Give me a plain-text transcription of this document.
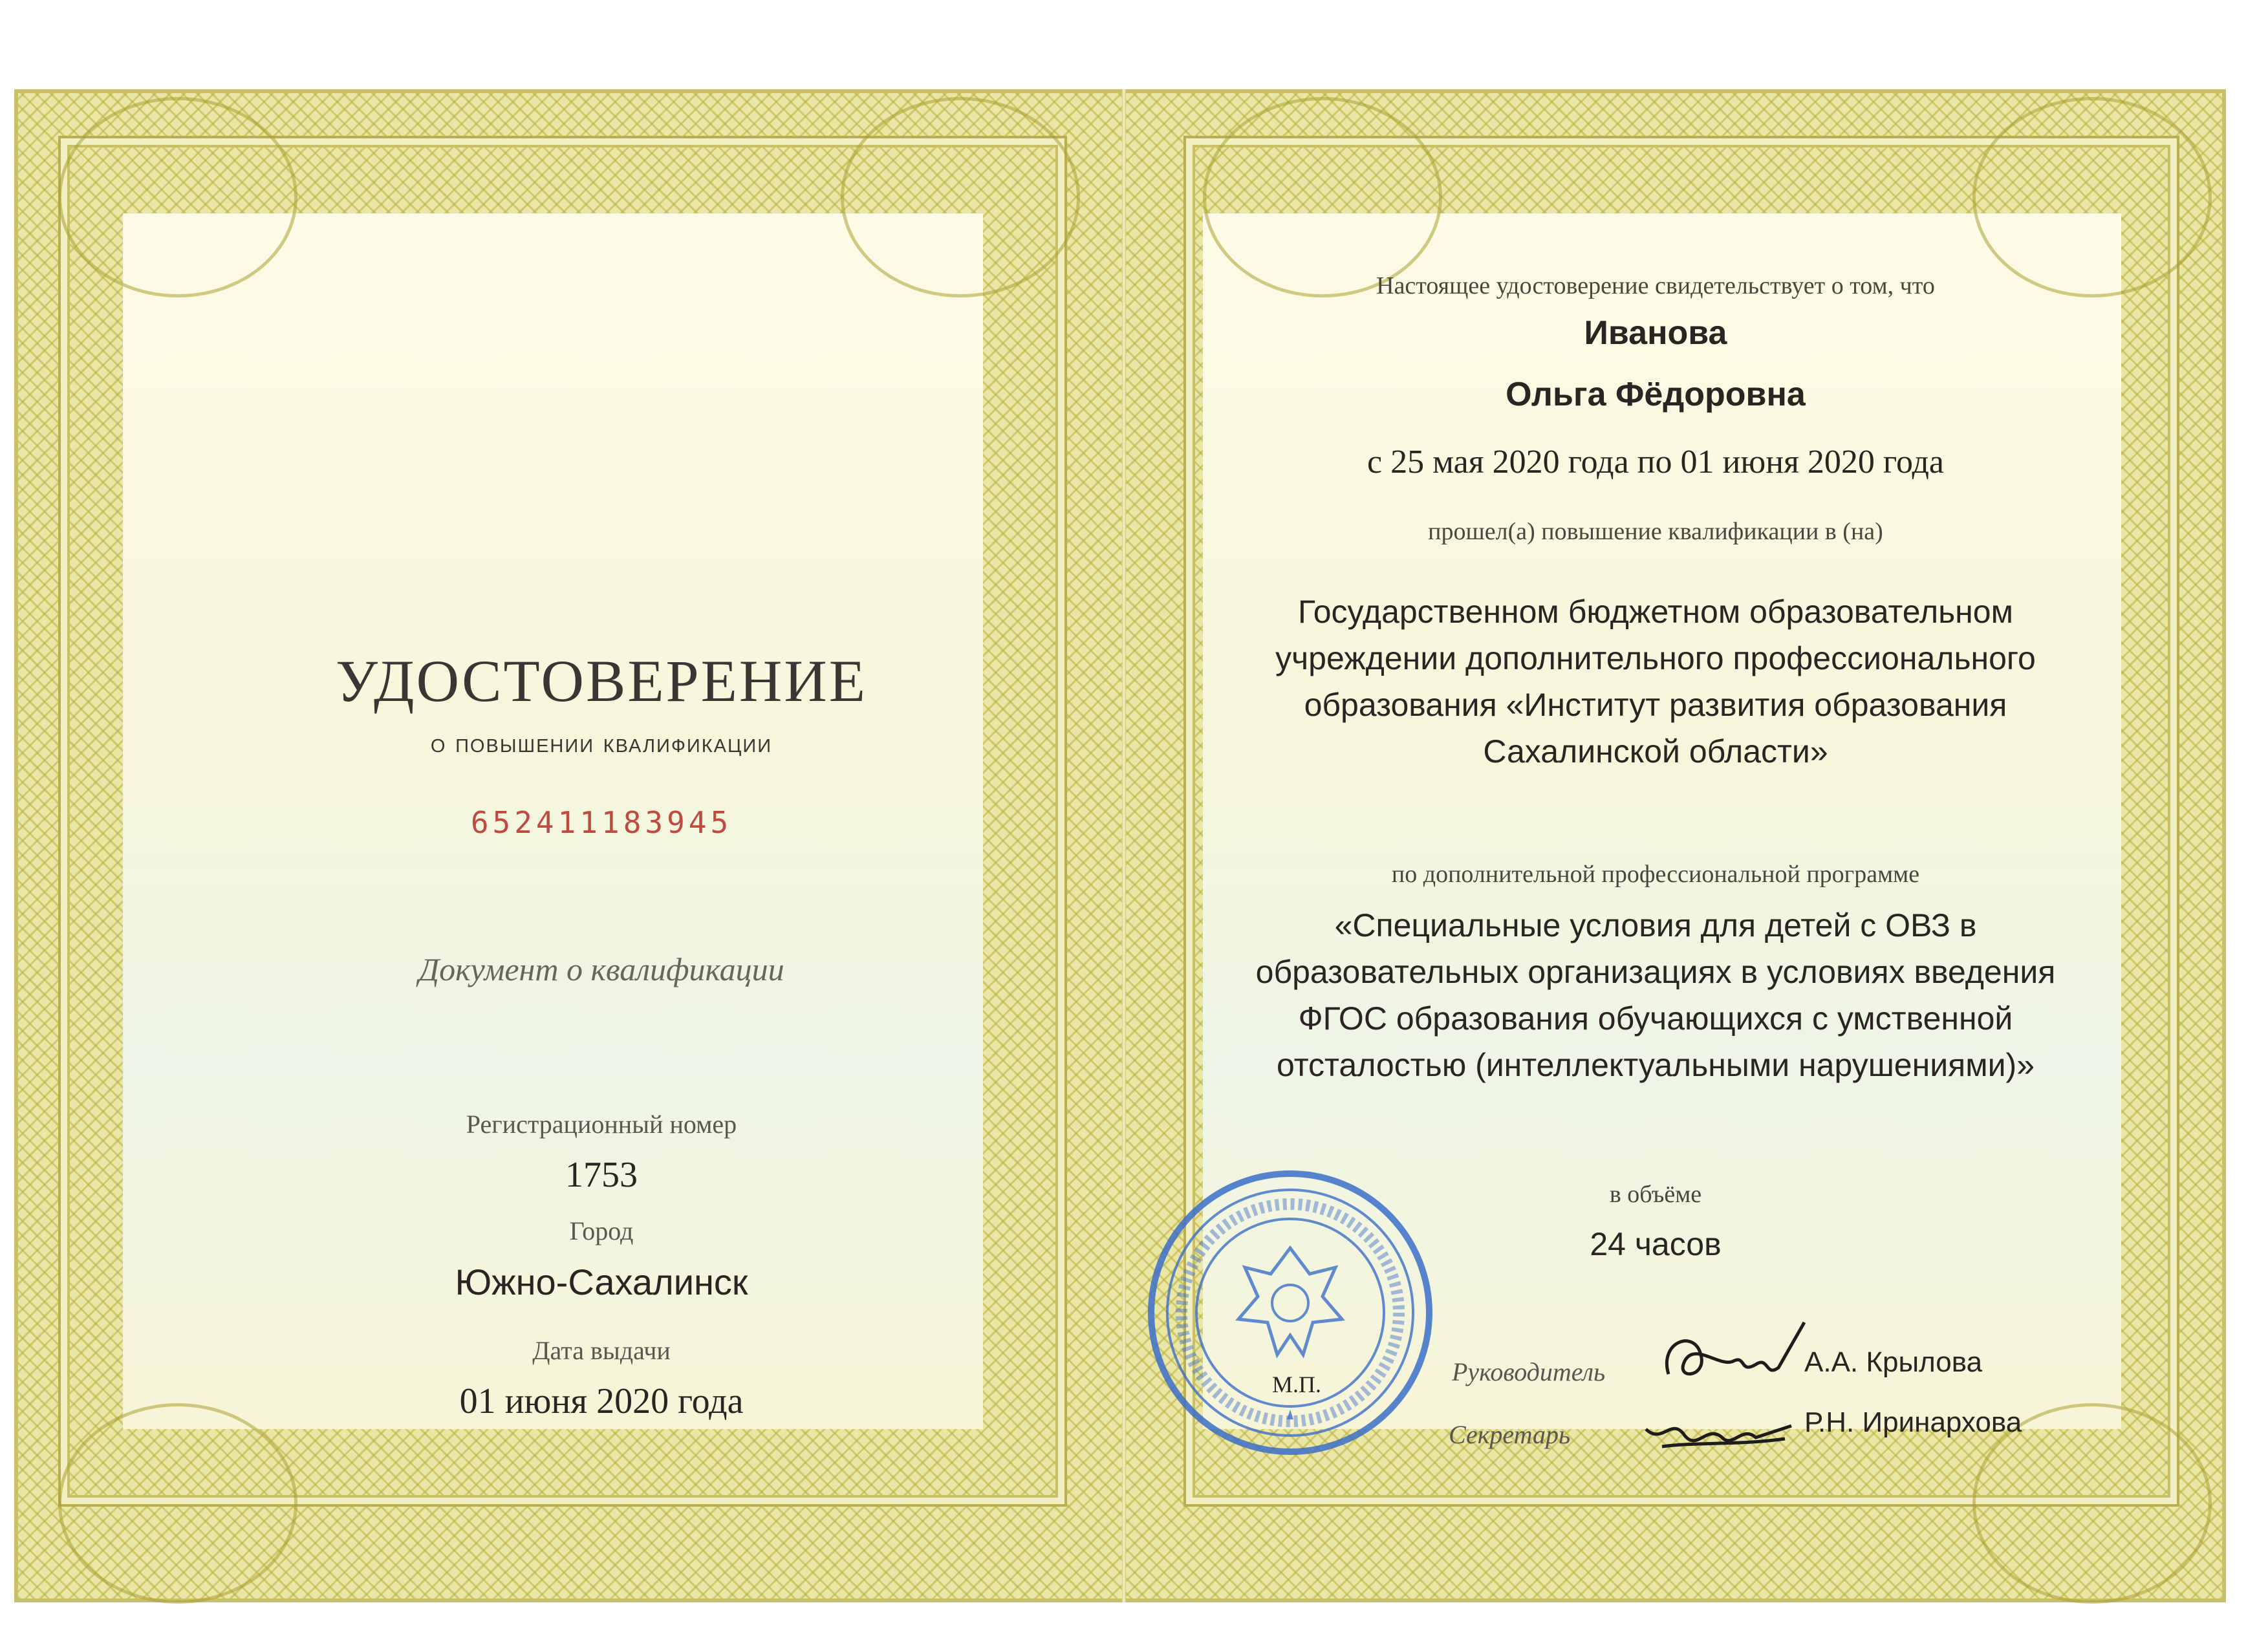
УДОСТОВЕРЕНИЕ
о повышении квалификации
652411183945
Документ о квалификации
Регистрационный номер
1753
Город
Южно-Сахалинск
Дата выдачи
01 июня 2020 года
Настоящее удостоверение свидетельствует о том, что
Иванова
Ольга Фёдоровна
с 25 мая 2020 года по 01 июня 2020 года
прошел(а) повышение квалификации в (на)
Государственном бюджетном образовательном
учреждении дополнительного профессионального
образования «Институт развития образования
Сахалинской области»
по дополнительной профессиональной программе
«Специальные условия для детей с ОВЗ в
образовательных организациях в условиях введения
ФГОС образования обучающихся с умственной
отсталостью (интеллектуальными нарушениями)»
в объёме
24 часов
М.П.	Руководитель	А.А. Крылова
Секретарь	Р.Н. Иринархова
